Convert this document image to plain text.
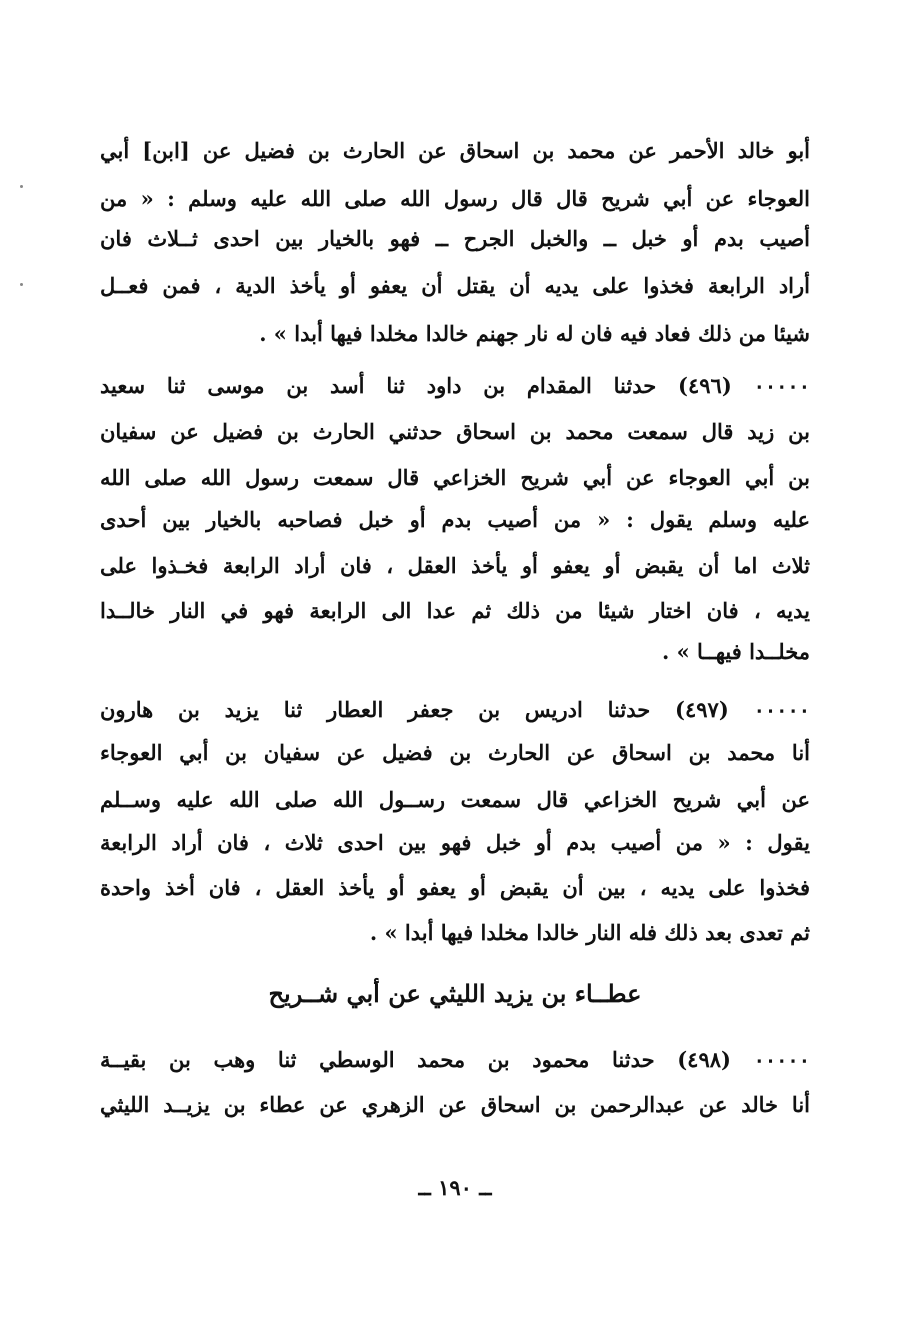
أبو خالد الأحمر عن محمد بن اسحاق عن الحارث بن فضيل عن [ابن] أبي
العوجاء عن أبي شريح قال قال رسول الله صلى الله عليه وسلم : « من
أصيب بدم أو خبل ــ والخبل الجرح ــ فهو بالخيار بين احدى ثــلاث فان
أراد الرابعة فخذوا على يديه أن يقتل أن يعفو أو يأخذ الدية ، فمن فعــل
شيئا من ذلك فعاد فيه فان له نار جهنم خالدا مخلدا فيها أبدا » .
٠٠٠٠٠ (٤٩٦) حدثنا المقدام بن داود ثنا أسد بن موسى ثنا سعيد
بن زيد قال سمعت محمد بن اسحاق حدثني الحارث بن فضيل عن سفيان
بن أبي العوجاء عن أبي شريح الخزاعي قال سمعت رسول الله صلى الله
عليه وسلم يقول : « من أصيب بدم أو خبل فصاحبه بالخيار بين أحدى
ثلاث اما أن يقبض أو يعفو أو يأخذ العقل ، فان أراد الرابعة فخـذوا على
يديه ، فان اختار شيئا من ذلك ثم عدا الى الرابعة فهو في النار خالــدا
مخلــدا فيهــا » .
٠٠٠٠٠ (٤٩٧) حدثنا ادريس بن جعفر العطار ثنا يزيد بن هارون
أنا محمد بن اسحاق عن الحارث بن فضيل عن سفيان بن أبي العوجاء
عن أبي شريح الخزاعي قال سمعت رســول الله صلى الله عليه وســلم
يقول : « من أصيب بدم أو خبل فهو بين احدى ثلاث ، فان أراد الرابعة
فخذوا على يديه ، بين أن يقبض أو يعفو أو يأخذ العقل ، فان أخذ واحدة
ثم تعدى بعد ذلك فله النار خالدا مخلدا فيها أبدا » .
عطــاء بن يزيد الليثي عن أبي شــريح
٠٠٠٠٠ (٤٩٨) حدثنا محمود بن محمد الوسطي ثنا وهب بن بقيــة
أنا خالد عن عبدالرحمن بن اسحاق عن الزهري عن عطاء بن يزيــد الليثي
ــ ١٩٠ ــ
